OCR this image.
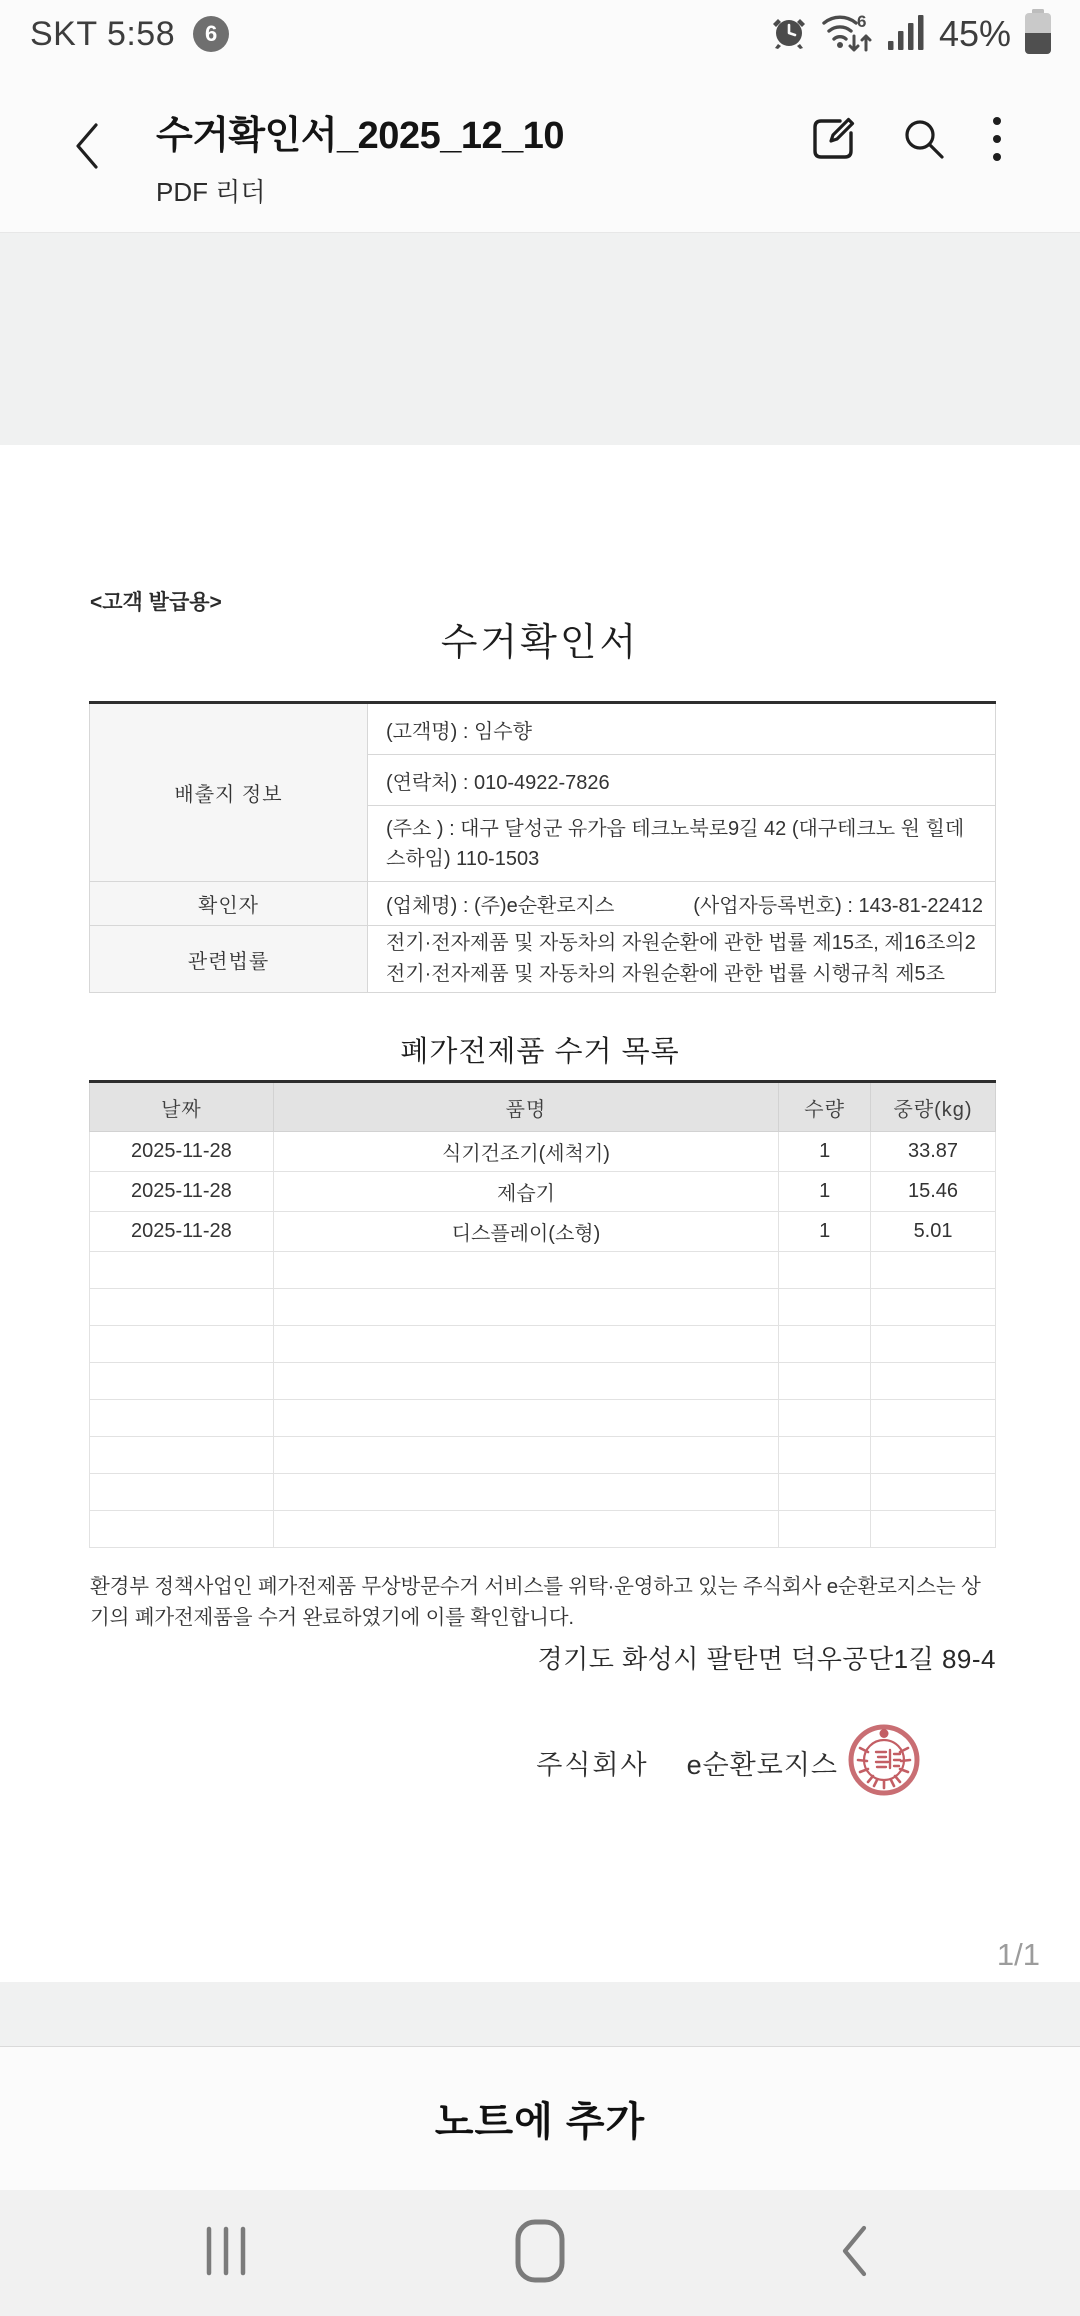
SKT 5:58	6	6 45%
수거확인서_2025_12_10
PDF 리더
<고객 발급용>
수거확인서
배출지 정보	(고객명) : 임수향
	(연락처) : 010-4922-7826
	(주소 ) : 대구 달성군 유가읍 테크노북로9길 42 (대구테크노 원 힐데스하임) 110-1503
확인자	(업체명) : (주)e순환로지스 (사업자등록번호) : 143-81-22412

관련법률	전기·전자제품 및 자동차의 자원순환에 관한 법률 제15조, 제16조의2
전기·전자제품 및 자동차의 자원순환에 관한 법률 시행규칙 제5조
폐가전제품 수거 목록
날짜	품명	수량	중량(kg)
2025-11-28	식기건조기(세척기)	1	33.87
2025-11-28	제습기	1	15.46
2025-11-28	디스플레이(소형)	1	5.01

환경부 정책사업인 폐가전제품 무상방문수거 서비스를 위탁·운영하고 있는 주식회사 e순환로지스는 상기의 폐가전제품을 수거 완료하였기에 이를 확인합니다.
경기도 화성시 팔탄면 덕우공단1길 89-4
주식회사 e순환로지스
1/1
노트에 추가
